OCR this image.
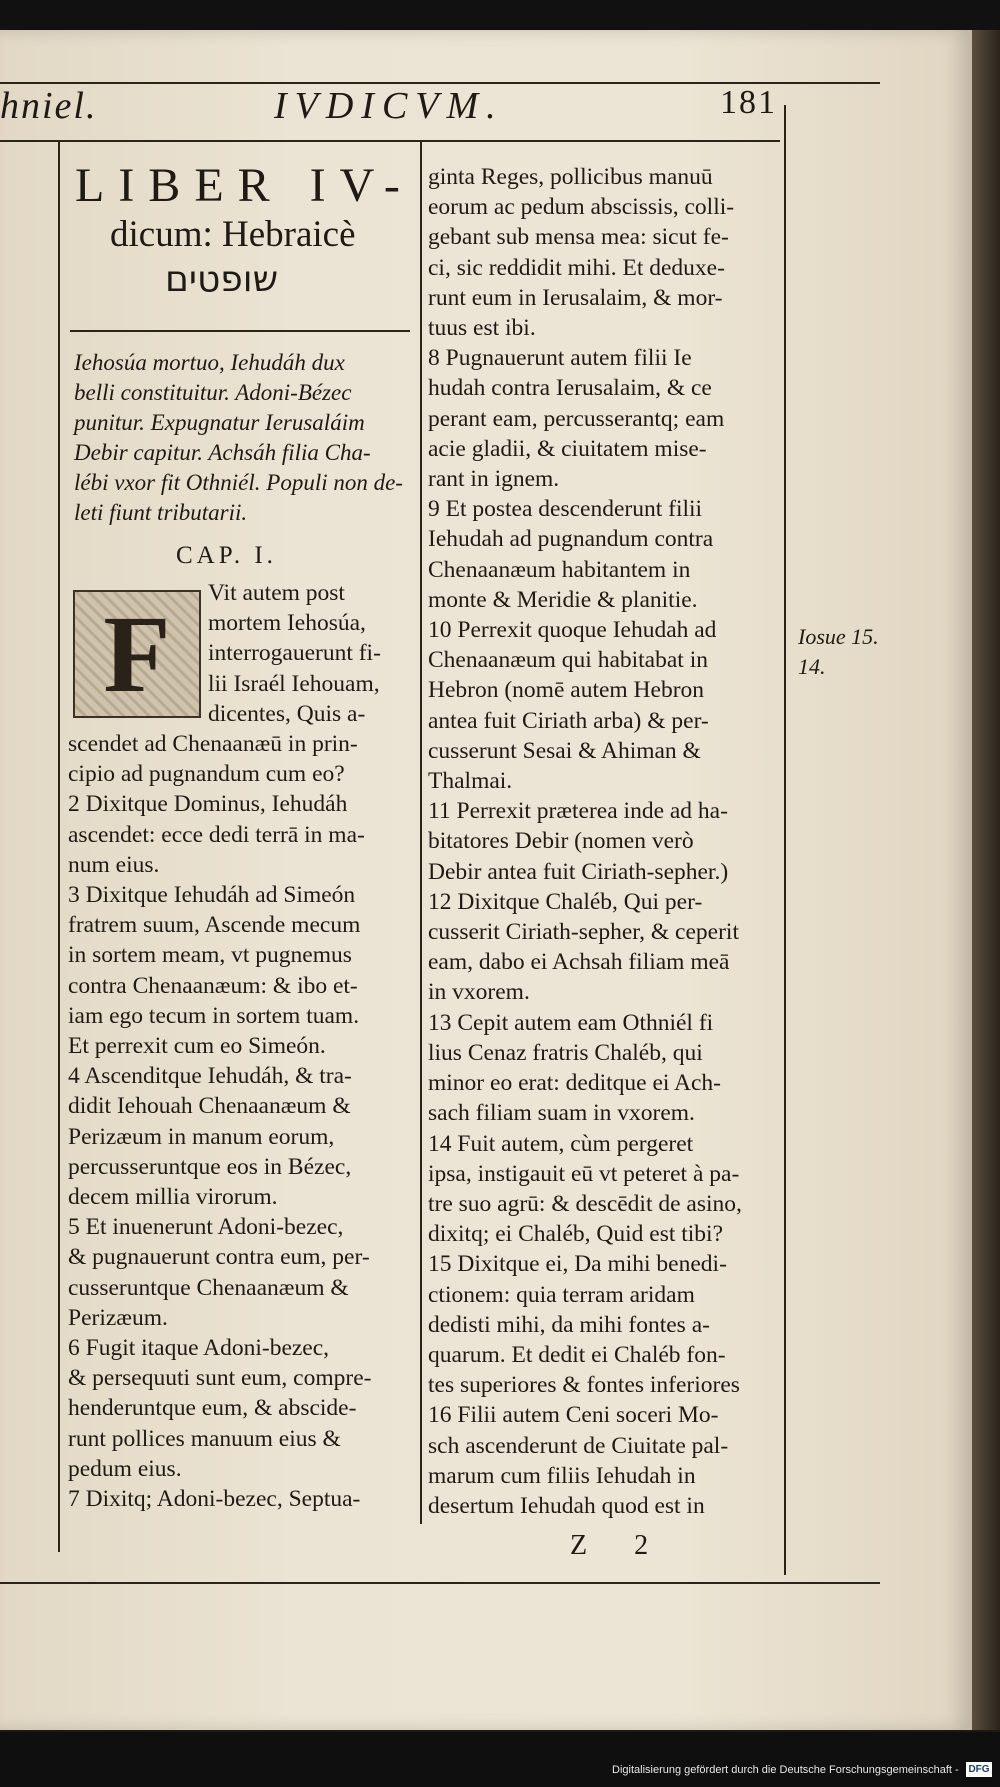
hniel.	IVDICVM.	181
LIBER IV-
dicum: Hebraicè
שופטים
Iehosúa mortuo, Iehudáh dux
belli constituitur. Adoni-Bézec
punitur. Expugnatur Ierusaláim
Debir capitur. Achsáh filia Cha-
lébi vxor fit Othniél. Populi non de-
leti fiunt tributarii.
CAP. I.
F	Vit autem post
mortem Iehosúa,
interrogauerunt fi-
lii Israél Iehouam,
dicentes, Quis a-
scendet ad Chenaanæū in prin-
cipio ad pugnandum cum eo?
2 Dixitque Dominus, Iehudáh
ascendet: ecce dedi terrā in ma-
num eius.
3 Dixitque Iehudáh ad Simeón
fratrem suum, Ascende mecum
in sortem meam, vt pugnemus
contra Chenaanæum: & ibo et-
iam ego tecum in sortem tuam.
Et perrexit cum eo Simeón.
4 Ascenditque Iehudáh, & tra-
didit Iehouah Chenaanæum &
Perizæum in manum eorum,
percusseruntque eos in Bézec,
decem millia virorum.
5 Et inuenerunt Adoni-bezec,
& pugnauerunt contra eum, per-
cusseruntque Chenaanæum &
Perizæum.
6 Fugit itaque Adoni-bezec,
& persequuti sunt eum, compre-
henderuntque eum, & abscide-
runt pollices manuum eius &
pedum eius.
7 Dixitq; Adoni-bezec, Septua-
ginta Reges, pollicibus manuū
eorum ac pedum abscissis, colli-
gebant sub mensa mea: sicut fe-
ci, sic reddidit mihi. Et deduxe-
runt eum in Ierusalaim, & mor-
tuus est ibi.
8 Pugnauerunt autem filii Ie
hudah contra Ierusalaim, & ce
perant eam, percusserantq; eam
acie gladii, & ciuitatem mise-
rant in ignem.
9 Et postea descenderunt filii
Iehudah ad pugnandum contra
Chenaanæum habitantem in
monte & Meridie & planitie.
10 Perrexit quoque Iehudah ad
Chenaanæum qui habitabat in
Hebron (nomē autem Hebron
antea fuit Ciriath arba) & per-
cusserunt Sesai & Ahiman &
Thalmai.
11 Perrexit præterea inde ad ha-
bitatores Debir (nomen verò
Debir antea fuit Ciriath-sepher.)
12 Dixitque Chaléb, Qui per-
cusserit Ciriath-sepher, & ceperit
eam, dabo ei Achsah filiam meā
in vxorem.
13 Cepit autem eam Othniél fi
lius Cenaz fratris Chaléb, qui
minor eo erat: deditque ei Ach-
sach filiam suam in vxorem.
14 Fuit autem, cùm pergeret
ipsa, instigauit eū vt peteret à pa-
tre suo agrū: & descēdit de asino,
dixitq; ei Chaléb, Quid est tibi?
15 Dixitque ei, Da mihi benedi-
ctionem: quia terram aridam
dedisti mihi, da mihi fontes a-
quarum. Et dedit ei Chaléb fon-
tes superiores & fontes inferiores
16 Filii autem Ceni soceri Mo-
sch ascenderunt de Ciuitate pal-
marum cum filiis Iehudah in
desertum Iehudah quod est in
Iosue 15.
14.
Z 2
Digitalisierung gefördert durch die Deutsche Forschungsgemeinschaft - DFG
